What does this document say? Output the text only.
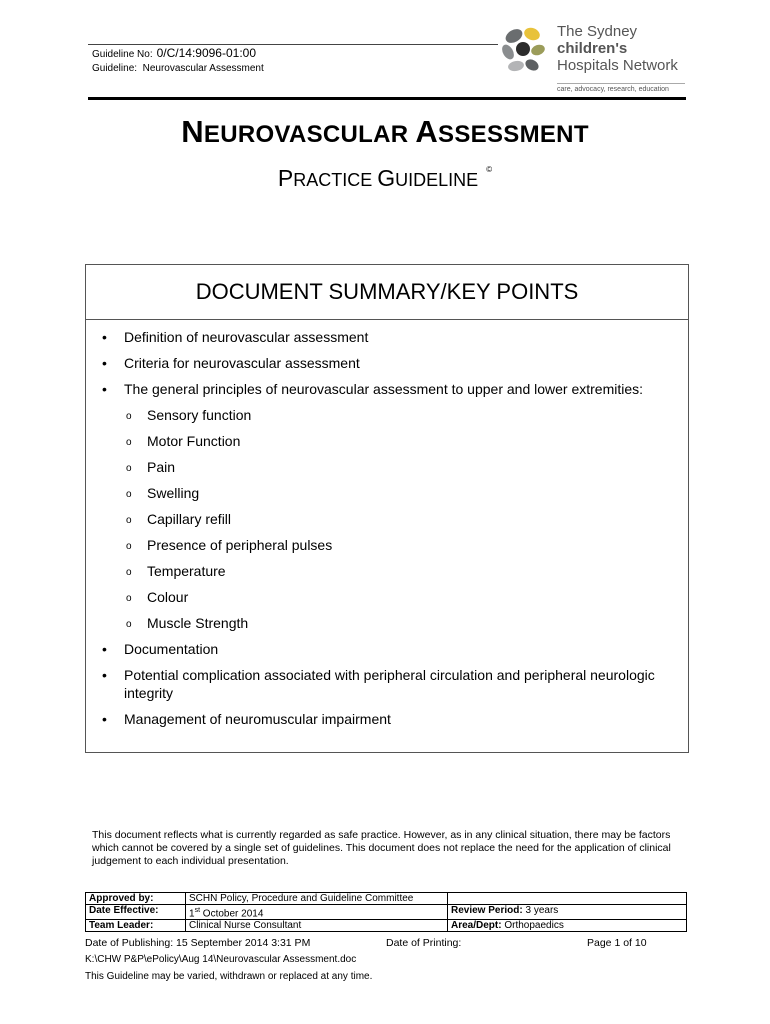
Guideline No: 0/C/14:9096-01:00
Guideline: Neurovascular Assessment
The Sydney
children's
Hospitals Network
care, advocacy, research, education
NEUROVASCULAR ASSESSMENT
PRACTICE GUIDELINE©
DOCUMENT SUMMARY/KEY POINTS
• Definition of neurovascular assessment
• Criteria for neurovascular assessment
• The general principles of neurovascular assessment to upper and lower extremities:
o Sensory function
o Motor Function
o Pain
o Swelling
o Capillary refill
o Presence of peripheral pulses
o Temperature
o Colour
o Muscle Strength
• Documentation
• Potential complication associated with peripheral circulation and peripheral neurologic integrity
• Management of neuromuscular impairment
This document reflects what is currently regarded as safe practice. However, as in any clinical situation, there may be factors which cannot be covered by a single set of guidelines. This document does not replace the need for the application of clinical judgement to each individual presentation.
Approved by:	SCHN Policy, Procedure and Guideline Committee	
Date Effective:	1st October 2014	Review Period: 3 years
Team Leader:	Clinical Nurse Consultant	Area/Dept: Orthopaedics
Date of Publishing: 15 September 2014 3:31 PM	Date of Printing:	Page 1 of 10
K:\CHW P&P\ePolicy\Aug 14\Neurovascular Assessment.doc
This Guideline may be varied, withdrawn or replaced at any time.
